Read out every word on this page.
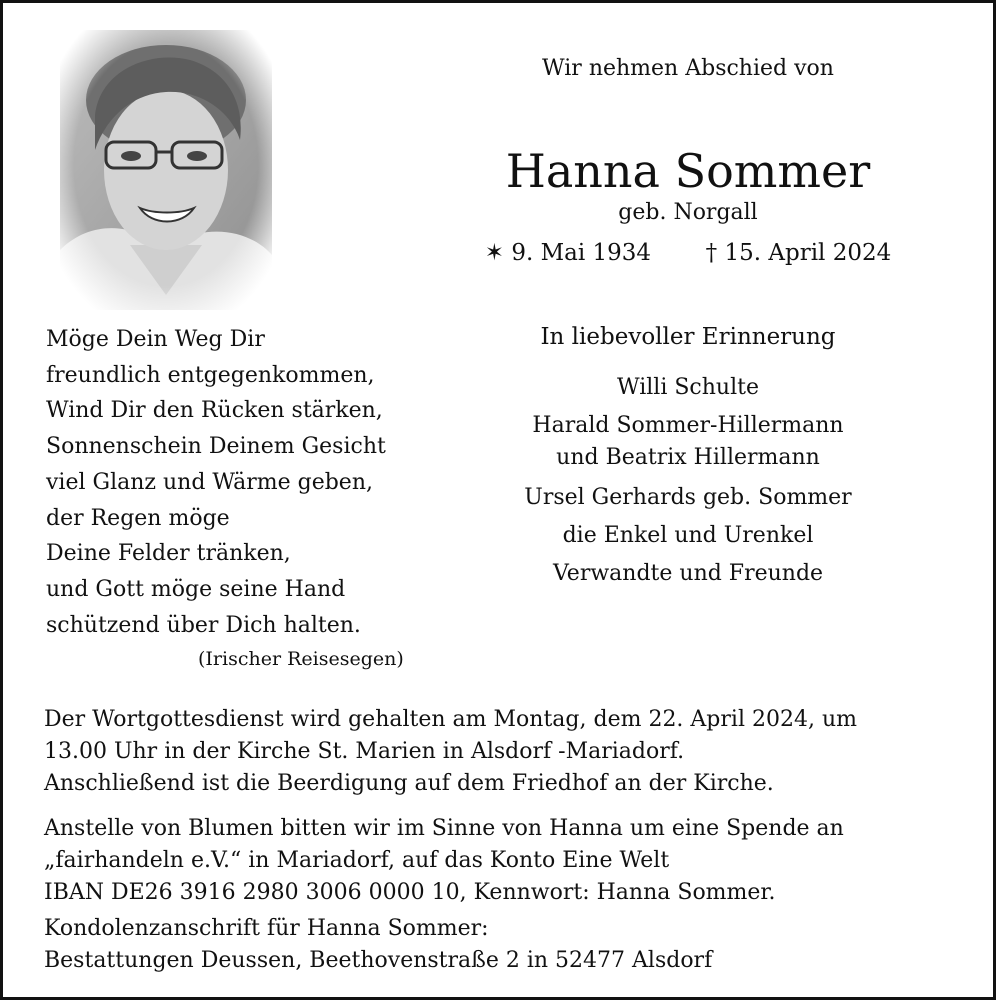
Wir nehmen Abschied von
Hanna Sommer
geb. Norgall
✶ 9. Mai 1934 † 15. April 2024
In liebevoller Erinnerung
Willi Schulte
Harald Sommer-Hillermann
und Beatrix Hillermann
Ursel Gerhards geb. Sommer
die Enkel und Urenkel
Verwandte und Freunde
Möge Dein Weg Dir
freundlich entgegenkommen,
Wind Dir den Rücken stärken,
Sonnenschein Deinem Gesicht
viel Glanz und Wärme geben,
der Regen möge
Deine Felder tränken,
und Gott möge seine Hand
schützend über Dich halten.
(Irischer Reisesegen)
Der Wortgottesdienst wird gehalten am Montag, dem 22. April 2024, um
13.00 Uhr in der Kirche St. Marien in Alsdorf -Mariadorf.
Anschließend ist die Beerdigung auf dem Friedhof an der Kirche.
Anstelle von Blumen bitten wir im Sinne von Hanna um eine Spende an
„fairhandeln e.V.“ in Mariadorf, auf das Konto Eine Welt
IBAN DE26 3916 2980 3006 0000 10, Kennwort: Hanna Sommer.
Kondolenzanschrift für Hanna Sommer:
Bestattungen Deussen, Beethovenstraße 2 in 52477 Alsdorf
